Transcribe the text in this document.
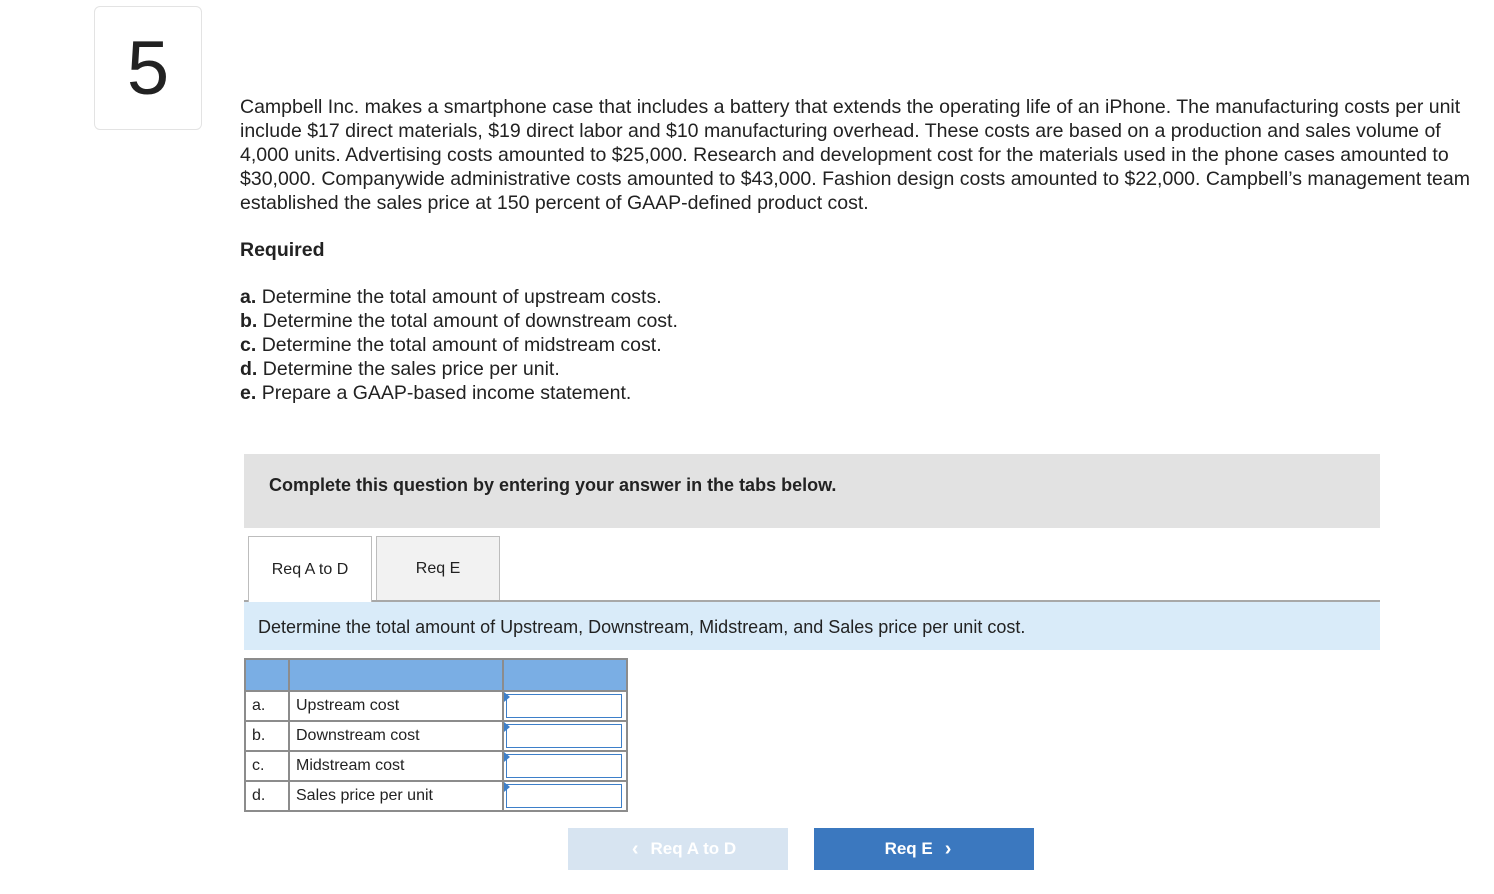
5	Campbell Inc. makes a smartphone case that includes a battery that extends the operating life of an iPhone. The manufacturing costs per unit include $17 direct materials, $19 direct labor and $10 manufacturing overhead. These costs are based on a production and sales volume of 4,000 units. Advertising costs amounted to $25,000. Research and development cost for the materials used in the phone cases amounted to $30,000. Companywide administrative costs amounted to $43,000. Fashion design costs amounted to $22,000. Campbell’s management team established the sales price at 150 percent of GAAP-defined product cost.

Required
a. Determine the total amount of upstream costs.
b. Determine the total amount of downstream cost.
c. Determine the total amount of midstream cost.
d. Determine the sales price per unit.
e. Prepare a GAAP-based income statement.
Complete this question by entering your answer in the tabs below.
Req A to D	Req E
Determine the total amount of Upstream, Downstream, Midstream, and Sales price per unit cost.

a.	Upstream cost	

b.	Downstream cost	

c.	Midstream cost	

d.	Sales price per unit	
‹ Req A to D	Req E ›
